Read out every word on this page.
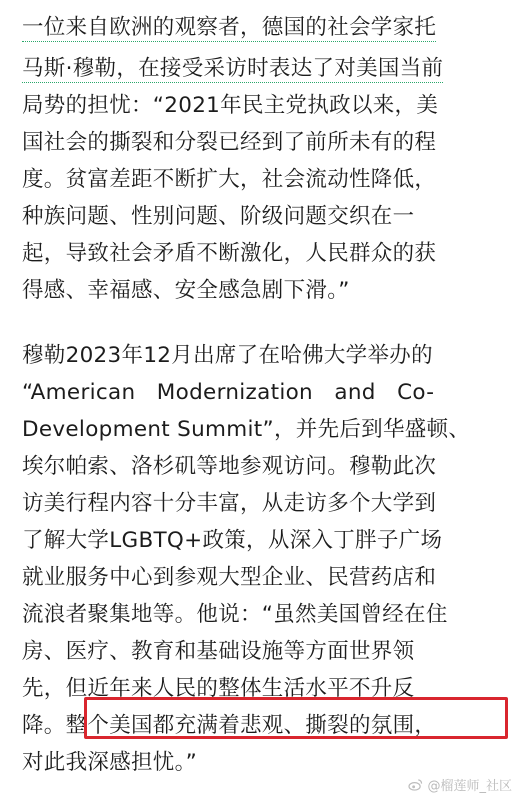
一位来自欧洲的观察者，德国的社会学家托
马斯·穆勒，在接受采访时表达了对美国当前
局势的担忧：“2021年民主党执政以来，美
国社会的撕裂和分裂已经到了前所未有的程
度。贫富差距不断扩大，社会流动性降低，
种族问题、性别问题、阶级问题交织在一
起，导致社会矛盾不断激化，人民群众的获
得感、幸福感、安全感急剧下滑。”
穆勒2023年12月出席了在哈佛大学举办的
“American   Modernization   and   Co-
Development Summit”，并先后到华盛顿、
埃尔帕索、洛杉矶等地参观访问。穆勒此次
访美行程内容十分丰富，从走访多个大学到
了解大学LGBTQ+政策，从深入丁胖子广场
就业服务中心到参观大型企业、民营药店和
流浪者聚集地等。他说：“虽然美国曾经在住
房、医疗、教育和基础设施等方面世界领
先，但近年来人民的整体生活水平不升反
降。整个美国都充满着悲观、撕裂的氛围，
对此我深感担忧。”
@榴莲师_社区
